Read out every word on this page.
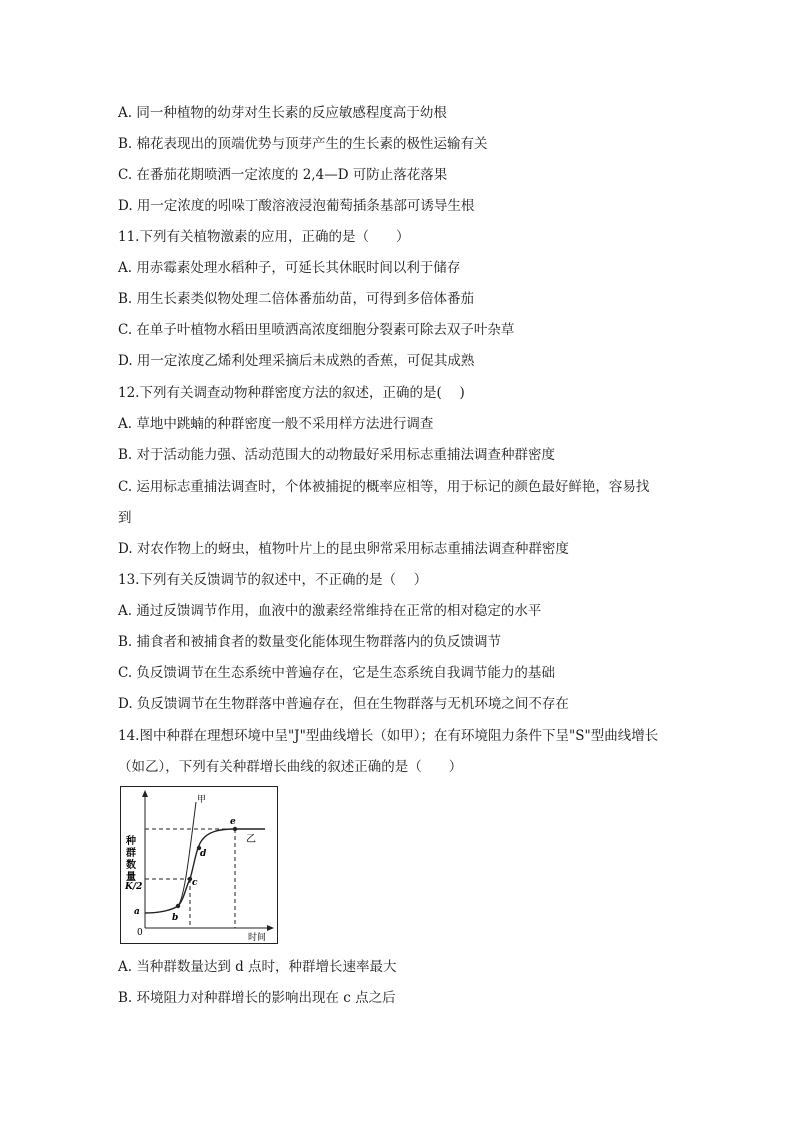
A. 同一种植物的幼芽对生长素的反应敏感程度高于幼根
B. 棉花表现出的顶端优势与顶芽产生的生长素的极性运输有关
C. 在番茄花期喷洒一定浓度的 2,4—D 可防止落花落果
D. 用一定浓度的吲哚丁酸溶液浸泡葡萄插条基部可诱导生根
11.下列有关植物激素的应用，正确的是（　　）
A. 用赤霉素处理水稻种子，可延长其休眠时间以利于储存
B. 用生长素类似物处理二倍体番茄幼苗，可得到多倍体番茄
C. 在单子叶植物水稻田里喷洒高浓度细胞分裂素可除去双子叶杂草
D. 用一定浓度乙烯利处理采摘后未成熟的香蕉，可促其成熟
12.下列有关调查动物种群密度方法的叙述，正确的是(　 )
A. 草地中跳蝻的种群密度一般不采用样方法进行调查
B. 对于活动能力强、活动范围大的动物最好采用标志重捕法调查种群密度
C. 运用标志重捕法调查时，个体被捕捉的概率应相等，用于标记的颜色最好鲜艳，容易找
到
D. 对农作物上的蚜虫，植物叶片上的昆虫卵常采用标志重捕法调查种群密度
13.下列有关反馈调节的叙述中，不正确的是（　 ）
A. 通过反馈调节作用，血液中的激素经常维持在正常的相对稳定的水平
B. 捕食者和被捕食者的数量变化能体现生物群落内的负反馈调节
C. 负反馈调节在生态系统中普遍存在，它是生态系统自我调节能力的基础
D. 负反馈调节在生物群落中普遍存在，但在生物群落与无机环境之间不存在
14.图中种群在理想环境中呈"J"型曲线增长（如甲）；在有环境阻力条件下呈"S"型曲线增长
（如乙），下列有关种群增长曲线的叙述正确的是（　　）
A. 当种群数量达到 d 点时，种群增长速率最大
B. 环境阻力对种群增长的影响出现在 c 点之后
种
群
数
量
K/2
0	时间
甲
乙
a
b
c
d
e
